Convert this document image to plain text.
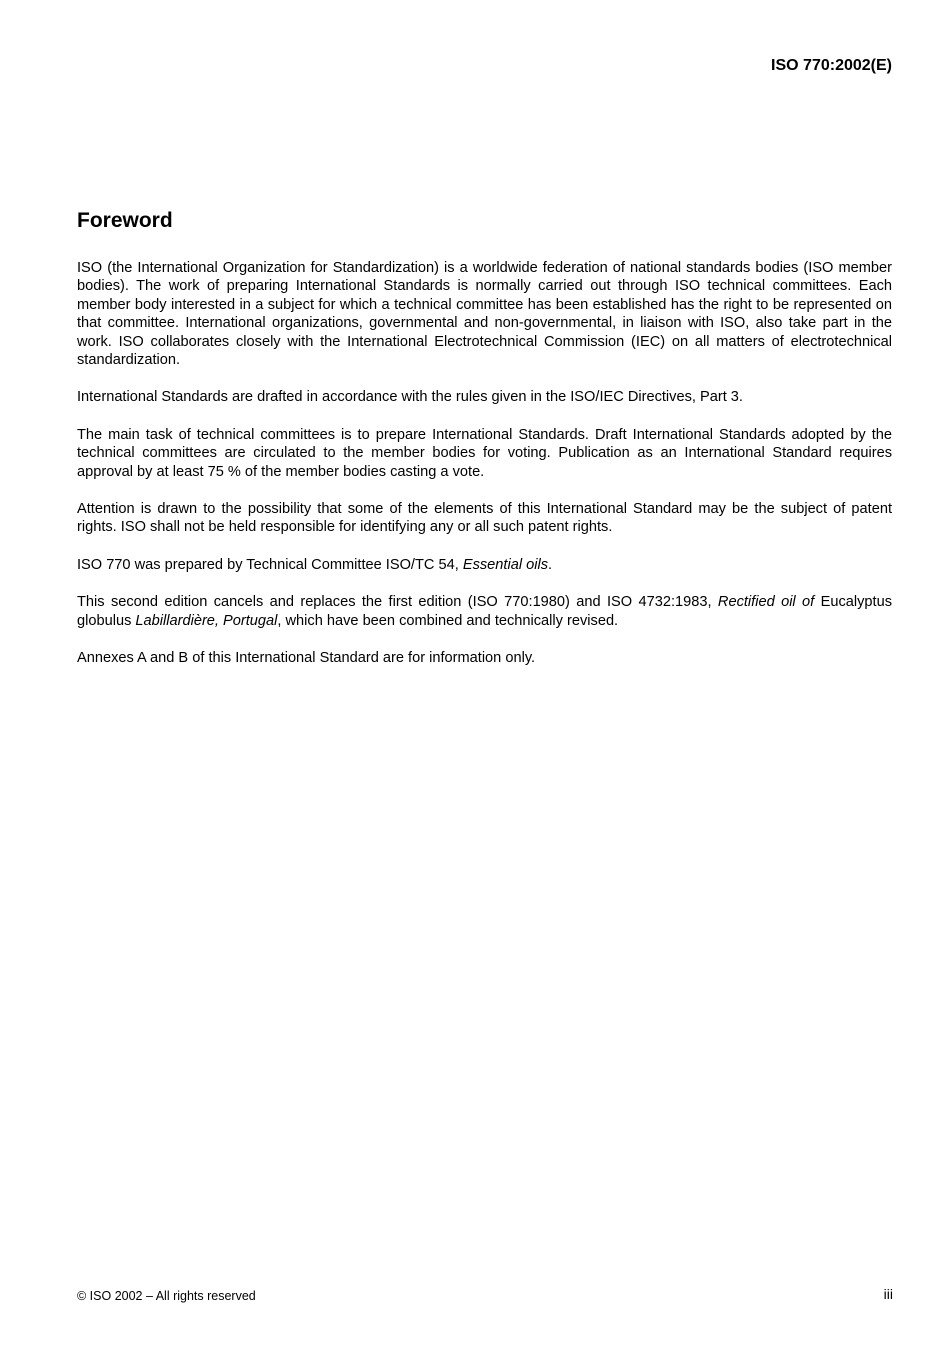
ISO 770:2002(E)
Foreword

ISO (the International Organization for Standardization) is a worldwide federation of national standards bodies (ISO member bodies). The work of preparing International Standards is normally carried out through ISO technical committees. Each member body interested in a subject for which a technical committee has been established has the right to be represented on that committee. International organizations, governmental and non-governmental, in liaison with ISO, also take part in the work. ISO collaborates closely with the International Electrotechnical Commission (IEC) on all matters of electrotechnical standardization.

International Standards are drafted in accordance with the rules given in the ISO/IEC Directives, Part 3.

The main task of technical committees is to prepare International Standards. Draft International Standards adopted by the technical committees are circulated to the member bodies for voting. Publication as an International Standard requires approval by at least 75 % of the member bodies casting a vote.

Attention is drawn to the possibility that some of the elements of this International Standard may be the subject of patent rights. ISO shall not be held responsible for identifying any or all such patent rights.

ISO 770 was prepared by Technical Committee ISO/TC 54, Essential oils.

This second edition cancels and replaces the first edition (ISO 770:1980) and ISO 4732:1983, Rectified oil of Eucalyptus globulus Labillardière, Portugal, which have been combined and technically revised.

Annexes A and B of this International Standard are for information only.

© ISO 2002 – All rights reserved	iii
